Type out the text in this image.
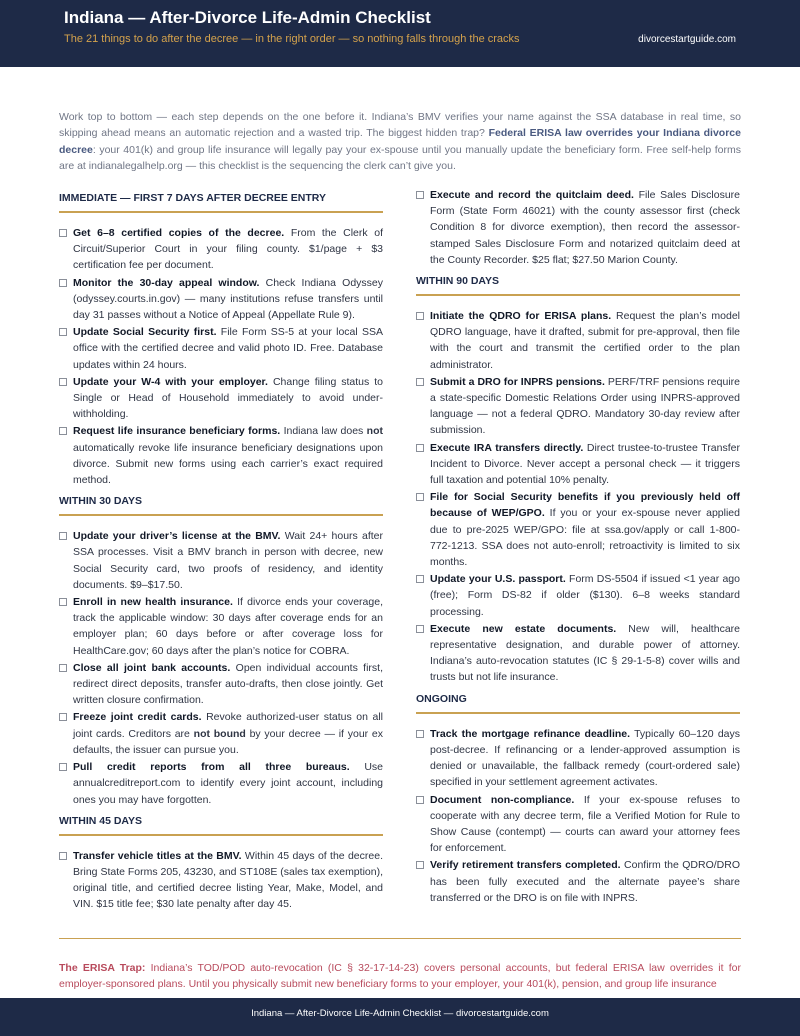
Indiana — After-Divorce Life-Admin Checklist
The 21 things to do after the decree — in the right order — so nothing falls through the cracks	divorcestartguide.com
Work top to bottom — each step depends on the one before it. Indiana’s BMV verifies your name against the SSA database in real time, so skipping ahead means an automatic rejection and a wasted trip. The biggest hidden trap? Federal ERISA law overrides your Indiana divorce decree: your 401(k) and group life insurance will legally pay your ex-spouse until you manually update the beneficiary form. Free self-help forms are at indianalegalhelp.org — this checklist is the sequencing the clerk can’t give you.
IMMEDIATE — FIRST 7 DAYS AFTER DECREE ENTRY
Get 6–8 certified copies of the decree. From the Clerk of Circuit/Superior Court in your filing county. $1/page + $3 certification fee per document.
Monitor the 30-day appeal window. Check Indiana Odyssey (odyssey.courts.in.gov) — many institutions refuse transfers until day 31 passes without a Notice of Appeal (Appellate Rule 9).
Update Social Security first. File Form SS-5 at your local SSA office with the certified decree and valid photo ID. Free. Database updates within 24 hours.
Update your W-4 with your employer. Change filing status to Single or Head of Household immediately to avoid under-withholding.
Request life insurance beneficiary forms. Indiana law does not automatically revoke life insurance beneficiary designations upon divorce. Submit new forms using each carrier’s exact required method.
WITHIN 30 DAYS
Update your driver’s license at the BMV. Wait 24+ hours after SSA processes. Visit a BMV branch in person with decree, new Social Security card, two proofs of residency, and identity documents. $9–$17.50.
Enroll in new health insurance. If divorce ends your coverage, track the applicable window: 30 days after coverage ends for an employer plan; 60 days before or after coverage loss for HealthCare.gov; 60 days after the plan’s notice for COBRA.
Close all joint bank accounts. Open individual accounts first, redirect direct deposits, transfer auto-drafts, then close jointly. Get written closure confirmation.
Freeze joint credit cards. Revoke authorized-user status on all joint cards. Creditors are not bound by your decree — if your ex defaults, the issuer can pursue you.
Pull credit reports from all three bureaus. Use annualcreditreport.com to identify every joint account, including ones you may have forgotten.
WITHIN 45 DAYS
Transfer vehicle titles at the BMV. Within 45 days of the decree. Bring State Forms 205, 43230, and ST108E (sales tax exemption), original title, and certified decree listing Year, Make, Model, and VIN. $15 title fee; $30 late penalty after day 45.
Execute and record the quitclaim deed. File Sales Disclosure Form (State Form 46021) with the county assessor first (check Condition 8 for divorce exemption), then record the assessor-stamped Sales Disclosure Form and notarized quitclaim deed at the County Recorder. $25 flat; $27.50 Marion County.
WITHIN 90 DAYS
Initiate the QDRO for ERISA plans. Request the plan’s model QDRO language, have it drafted, submit for pre-approval, then file with the court and transmit the certified order to the plan administrator.
Submit a DRO for INPRS pensions. PERF/TRF pensions require a state-specific Domestic Relations Order using INPRS-approved language — not a federal QDRO. Mandatory 30-day review after submission.
Execute IRA transfers directly. Direct trustee-to-trustee Transfer Incident to Divorce. Never accept a personal check — it triggers full taxation and potential 10% penalty.
File for Social Security benefits if you previously held off because of WEP/GPO. If you or your ex-spouse never applied due to pre-2025 WEP/GPO: file at ssa.gov/apply or call 1-800-772-1213. SSA does not auto-enroll; retroactivity is limited to six months.
Update your U.S. passport. Form DS-5504 if issued <1 year ago (free); Form DS-82 if older ($130). 6–8 weeks standard processing.
Execute new estate documents. New will, healthcare representative designation, and durable power of attorney. Indiana’s auto-revocation statutes (IC § 29-1-5-8) cover wills and trusts but not life insurance.
ONGOING
Track the mortgage refinance deadline. Typically 60–120 days post-decree. If refinancing or a lender-approved assumption is denied or unavailable, the fallback remedy (court-ordered sale) specified in your settlement agreement activates.
Document non-compliance. If your ex-spouse refuses to cooperate with any decree term, file a Verified Motion for Rule to Show Cause (contempt) — courts can award your attorney fees for enforcement.
Verify retirement transfers completed. Confirm the QDRO/DRO has been fully executed and the alternate payee’s share transferred or the DRO is on file with INPRS.
The ERISA Trap: Indiana’s TOD/POD auto-revocation (IC § 32-17-14-23) covers personal accounts, but federal ERISA law overrides it for employer-sponsored plans. Until you physically submit new beneficiary forms to your employer, your 401(k), pension, and group life insurance
Indiana — After-Divorce Life-Admin Checklist — divorcestartguide.com
